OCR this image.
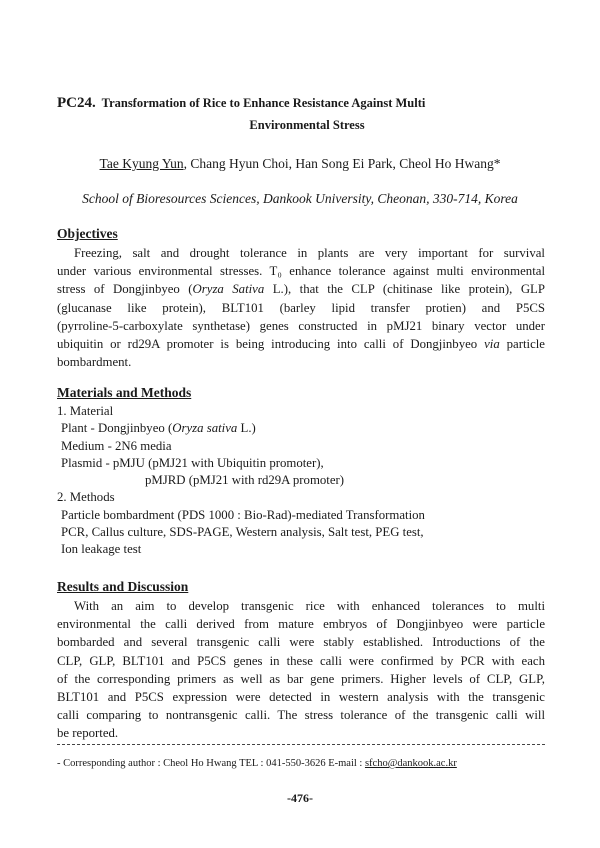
PC24. Transformation of Rice to Enhance Resistance Against Multi
Environmental Stress
Tae Kyung Yun, Chang Hyun Choi, Han Song Ei Park, Cheol Ho Hwang*
School of Bioresources Sciences, Dankook University, Cheonan, 330-714, Korea
Objectives
Freezing, salt and drought tolerance in plants are very important for survival
under various environmental stresses. T₀ enhance tolerance against multi environmental
stress of Dongjinbyeo (Oryza Sativa L.), that the CLP (chitinase like protein), GLP
(glucanase like protein), BLT101 (barley lipid transfer protien) and P5CS
(pyrroline-5-carboxylate synthetase) genes constructed in pMJ21 binary vector under
ubiquitin or rd29A promoter is being introducing into calli of Dongjinbyeo via particle
bombardment.
Materials and Methods
1. Material
Plant - Dongjinbyeo (Oryza sativa L.)
Medium - 2N6 media
Plasmid - pMJU (pMJ21 with Ubiquitin promoter),
pMJRD (pMJ21 with rd29A promoter)
2. Methods
Particle bombardment (PDS 1000 : Bio-Rad)-mediated Transformation
PCR, Callus culture, SDS-PAGE, Western analysis, Salt test, PEG test,
Ion leakage test
Results and Discussion
With an aim to develop transgenic rice with enhanced tolerances to multi
environmental the calli derived from mature embryos of Dongjinbyeo were particle
bombarded and several transgenic calli were stably established. Introductions of the
CLP, GLP, BLT101 and P5CS genes in these calli were confirmed by PCR with each
of the corresponding primers as well as bar gene primers. Higher levels of CLP, GLP,
BLT101 and P5CS expression were detected in western analysis with the transgenic
calli comparing to nontransgenic calli. The stress tolerance of the transgenic calli will
be reported.
- Corresponding author : Cheol Ho Hwang TEL : 041-550-3626 E-mail : sfcho@dankook.ac.kr
-476-
